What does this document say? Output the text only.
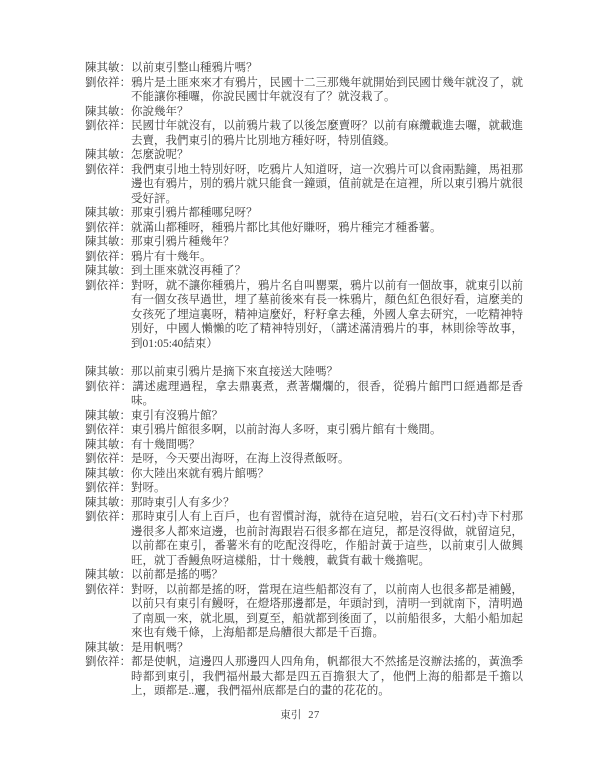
陳其敏：以前東引整山種鴉片嗎？
劉依祥：鴉片是土匪來來才有鴉片，民國十二三那幾年就開始到民國廿幾年就沒了，就不能讓你種囉，你說民國廿年就沒有了？就沒栽了。
陳其敏：你說幾年？
劉依祥：民國廿年就沒有，以前鴉片栽了以後怎麼賣呀？以前有麻纜載進去囉，就載進去賣，我們東引的鴉片比別地方種好呀，特別值錢。
陳其敏：怎麼說呢？
劉依祥：我們東引地土特別好呀，吃鴉片人知道呀，這一次鴉片可以食兩點鐘，馬祖那邊也有鴉片，別的鴉片就只能食一鐘頭，值前就是在這裡，所以東引鴉片就很受好評。
陳其敏：那東引鴉片都種哪兒呀？
劉依祥：就滿山都種呀，種鴉片都比其他好賺呀，鴉片種完才種番薯。
陳其敏：那東引鴉片種幾年？
劉依祥：鴉片有十幾年。
陳其敏：到土匪來就沒再種了？
劉依祥：對呀，就不讓你種鴉片，鴉片名自叫罌粟，鴉片以前有一個故事，就東引以前有一個女孩早過世，埋了墓前後來有長一株鴉片，顏色紅色很好看，這麼美的女孩死了埋這裏呀，精神這麼好，籽籽拿去種，外國人拿去研究，一吃精神特別好，中國人懶懶的吃了精神特別好，（講述滿清鴉片的事，林則徐等故事，到01:05:40結束）
陳其敏：那以前東引鴉片是摘下來直接送大陸嗎？
劉依祥：講述處理過程，拿去鼎裏煮，煮著爛爛的，很香，從鴉片館門口經過都是香味。
陳其敏：東引有沒鴉片館？
劉依祥：東引鴉片館很多啊，以前討海人多呀，東引鴉片館有十幾間。
陳其敏：有十幾間嗎？
劉依祥：是呀，今天要出海呀，在海上沒得煮飯呀。
陳其敏：你大陸出來就有鴉片館嗎？
劉依祥：對呀。
陳其敏：那時東引人有多少？
劉依祥：那時東引人有上百戶，也有習慣討海，就待在這兒啦，岩石(文石村)寺下村那邊很多人都來這邊，也前討海跟岩石很多都在這兒，都是沒得做，就留這兒，以前都在東引，番薯米有的吃配沒得吃，作船討黃于這些，以前東引人做興旺，就丁香鰻魚呀這樣船，廿十幾艘，載貨有載十幾擔呢。
陳其敏：以前都是搖的嗎？
劉依祥：對呀，以前都是搖的呀，當現在這些船都沒有了，以前南人也很多都是補鰻，以前只有東引有鰻呀，在燈塔那邊都是，年頭討到，清明一到就南下，清明過了南風一來，就北風，到夏至，船就都到後面了，以前船很多，大船小船加起來也有幾千條，上海船都是烏艚很大都是千百擔。
陳其敏：是用帆嗎？
劉依祥：都是使帆，這邊四人那邊四人四角角，帆都很大不然搖是沒辦法搖的，黃漁季時都到東引，我們福州最大都是四五百擔狠大了，他們上海的船都是千擔以上，頭都是..邐，我們福州底都是白的畫的花花的。
東引 27
